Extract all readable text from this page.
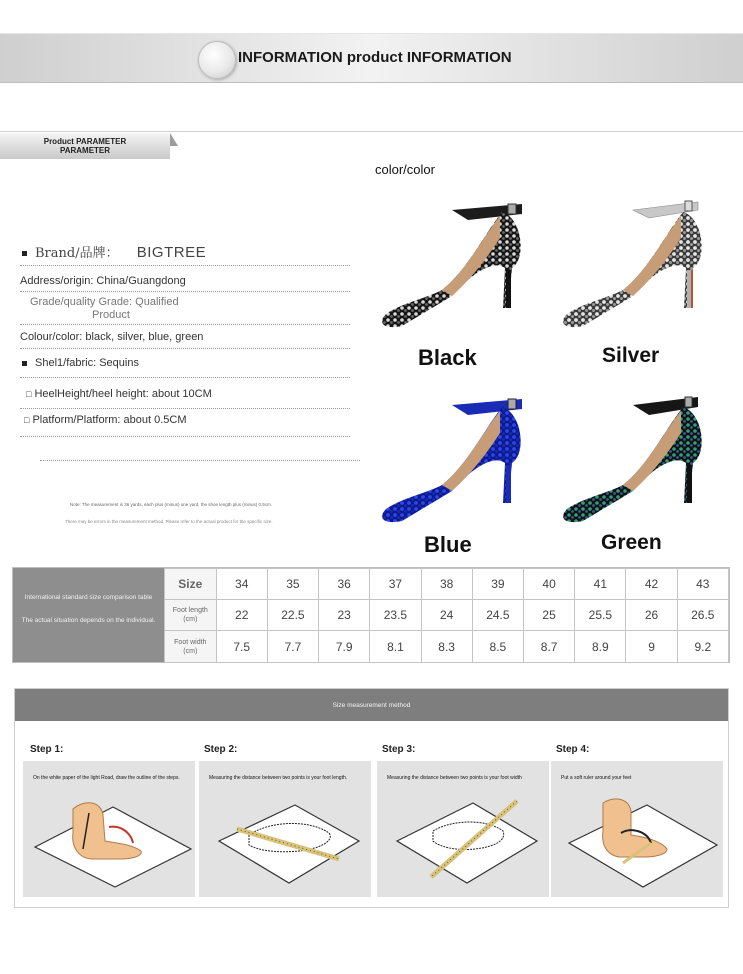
INFORMATION product INFORMATION
Product PARAMETER
PARAMETER
Brand/品牌： BIGTREE
Address/origin: China/Guangdong
Grade/quality Grade: Qualified
Product
Colour/color: black, silver, blue, green
Shel1/fabric: Sequins
□ HeelHeight/heel height: about 10CM
□ Platform/Platform: about 0.5CM
Note: The measurement is 36 yards, each plus (minus) one yard, the shoe length plus (minus) 0.5cm.
There may be errors in the measurement method. Please refer to the actual product for the specific size.
color/color
Black	Silver
Blue	Green
International standard size comparison table
The actual situation depends on the individual.
Size	34	35	36	37	38	39	40	41	42	43

Foot length
(cm)	22	22.5	23	23.5	24	24.5	25	25.5	26	26.5

Foot width
(cm)	7.5	7.7	7.9	8.1	8.3	8.5	8.7	8.9	9	9.2
Size measurement method
Step 1:	Step 2:	Step 3:	Step 4:
On the white paper of the light Road, draw the outline of the steps.	Measuring the distance between two points is your foot length.	Measuring the distance between two points is your foot width	Put a soft ruler around your feet
